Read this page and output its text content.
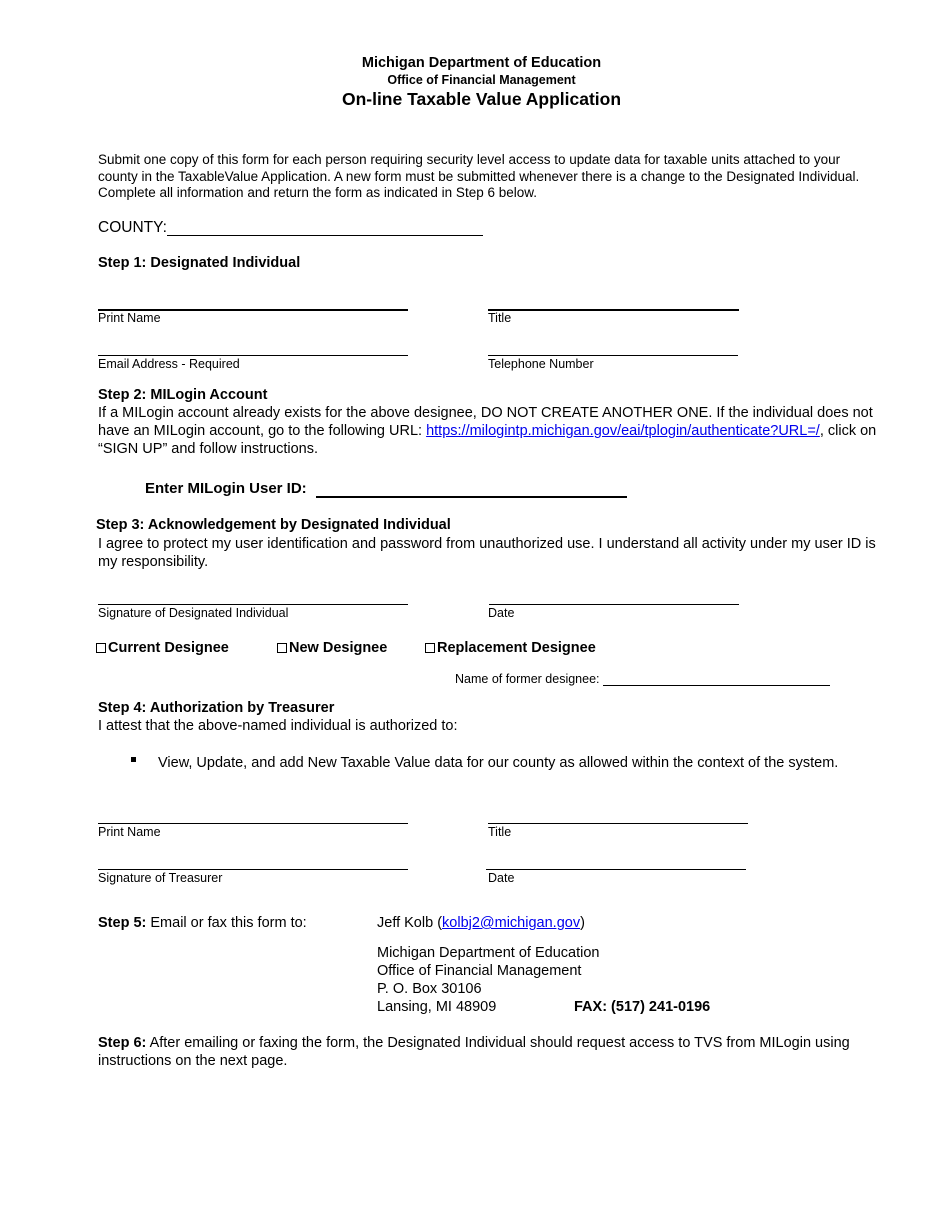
Michigan Department of Education
Office of Financial Management
On-line Taxable Value Application
Submit one copy of this form for each person requiring security level access to update data for taxable units attached to your county in the TaxableValue Application. A new form must be submitted whenever there is a change to the Designated Individual. Complete all information and return the form as indicated in Step 6 below.
COUNTY:
Step 1: Designated Individual
Print Name	Title
Email Address - Required	Telephone Number
Step 2: MILogin Account
If a MILogin account already exists for the above designee, DO NOT CREATE ANOTHER ONE. If the individual does not have an MILogin account, go to the following URL: https://milogintp.michigan.gov/eai/tplogin/authenticate?URL=/, click on “SIGN UP” and follow instructions.
Enter MILogin User ID:
Step 3: Acknowledgement by Designated Individual
I agree to protect my user identification and password from unauthorized use. I understand all activity under my user ID is my responsibility.
Signature of Designated Individual	Date
Current Designee	New Designee	Replacement Designee
Name of former designee:
Step 4: Authorization by Treasurer
I attest that the above-named individual is authorized to:
View, Update, and add New Taxable Value data for our county as allowed within the context of the system.
Print Name	Title
Signature of Treasurer	Date
Step 5: Email or fax this form to:	Jeff Kolb (kolbj2@michigan.gov)
Michigan Department of Education
Office of Financial Management
P. O. Box 30106
Lansing, MI 48909	FAX: (517) 241-0196
Step 6: After emailing or faxing the form, the Designated Individual should request access to TVS from MILogin using instructions on the next page.
